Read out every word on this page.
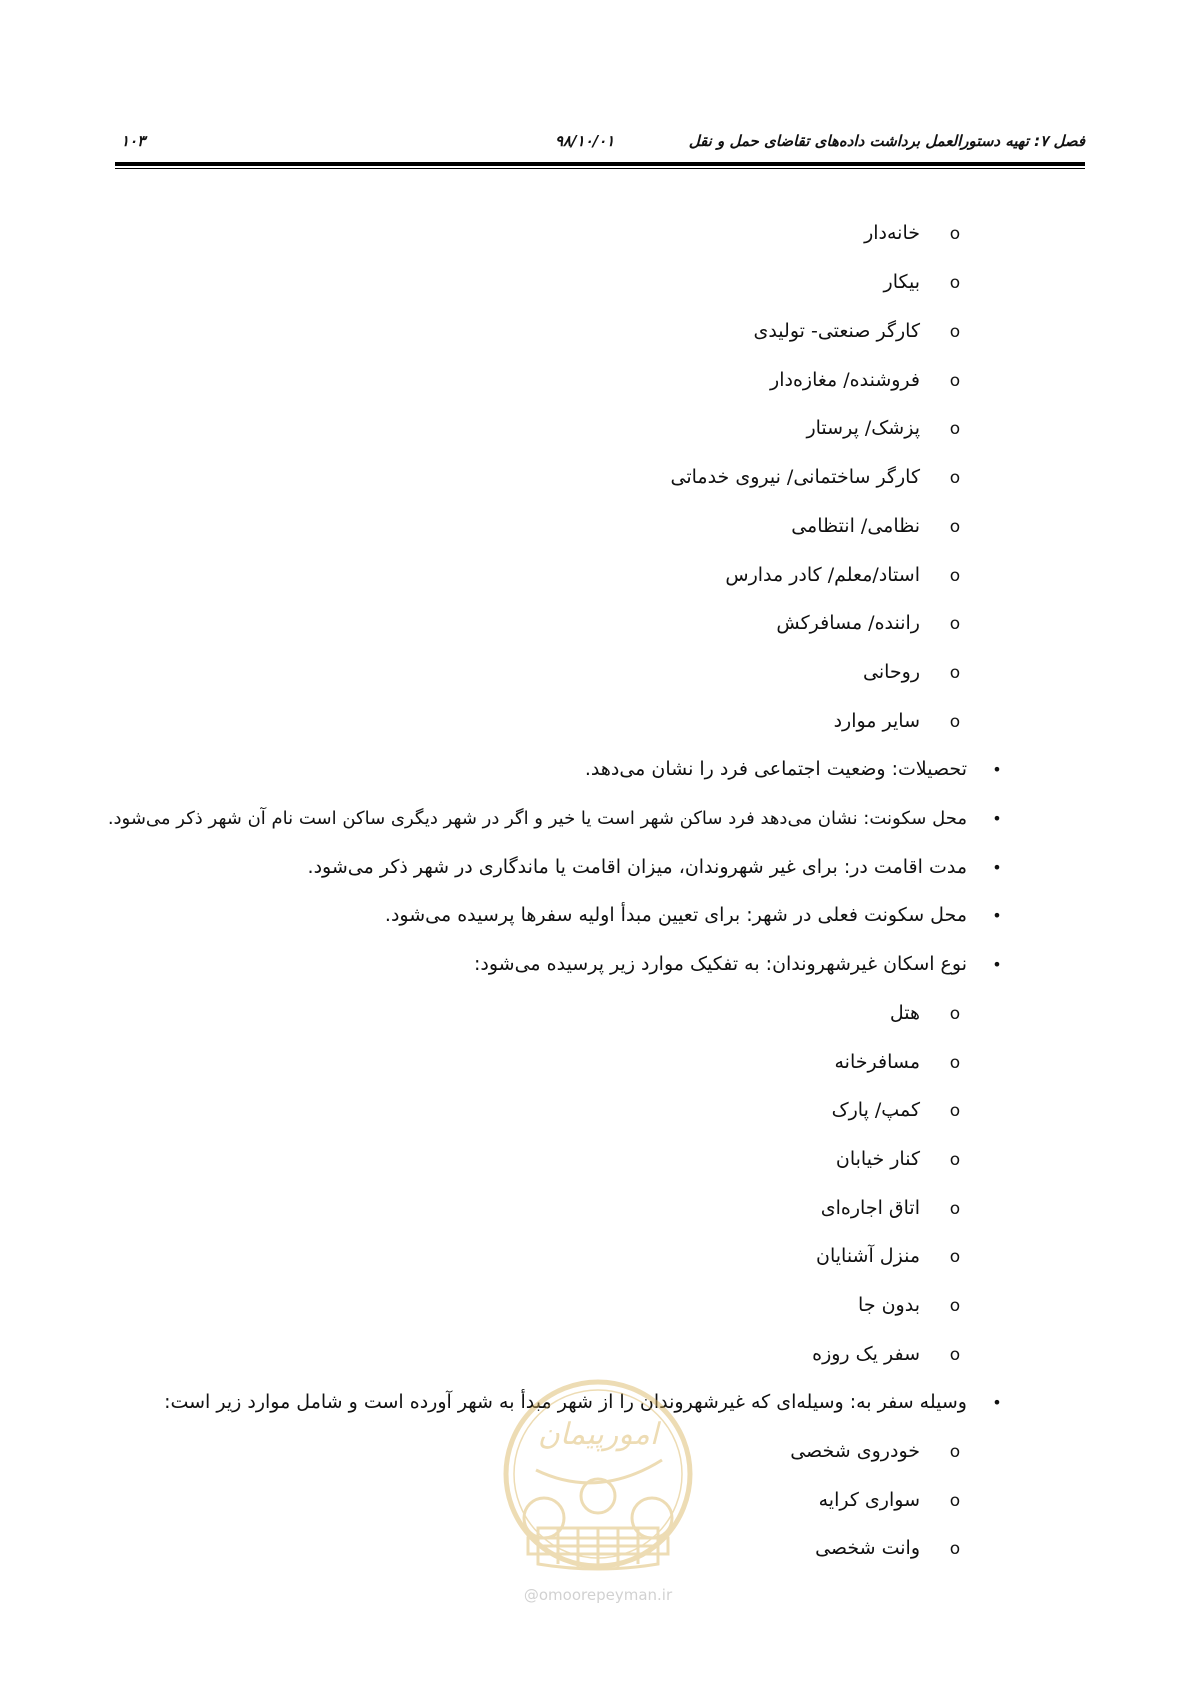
فصل ۷: تهیه دستورالعمل برداشت داده‌های تقاضای حمل و نقل
۹۸/۱۰/۰۱
۱۰۳
oخانه‌دار
oبیکار
oکارگر صنعتی- تولیدی
oفروشنده/ مغازه‌دار
oپزشک/ پرستار
oکارگر ساختمانی/ نیروی خدماتی
oنظامی/ انتظامی
oاستاد/معلم/ کادر مدارس
oراننده/ مسافرکش
oروحانی
oسایر موارد
•تحصیلات: وضعیت اجتماعی فرد را نشان می‌دهد.
•محل سکونت: نشان می‌دهد فرد ساکن شهر است یا خیر و اگر در شهر دیگری ساکن است نام آن شهر ذکر می‌شود.
•مدت اقامت در: برای غیر شهروندان، میزان اقامت یا ماندگاری در شهر ذکر می‌شود.
•محل سکونت فعلی در شهر: برای تعیین مبدأ اولیه سفرها پرسیده می‌شود.
•نوع اسکان غیرشهروندان: به تفکیک موارد زیر پرسیده می‌شود:
oهتل
oمسافرخانه
oکمپ/ پارک
oکنار خیابان
oاتاق اجاره‌ای
oمنزل آشنایان
oبدون جا
oسفر یک روزه
•وسیله سفر به: وسیله‌ای که غیرشهروندان را از شهر مبدأ به شهر آورده است و شامل موارد زیر است:
oخودروی شخصی
oسواری کرایه
oوانت شخصی
امورپیمان
@omoorepeyman.ir
